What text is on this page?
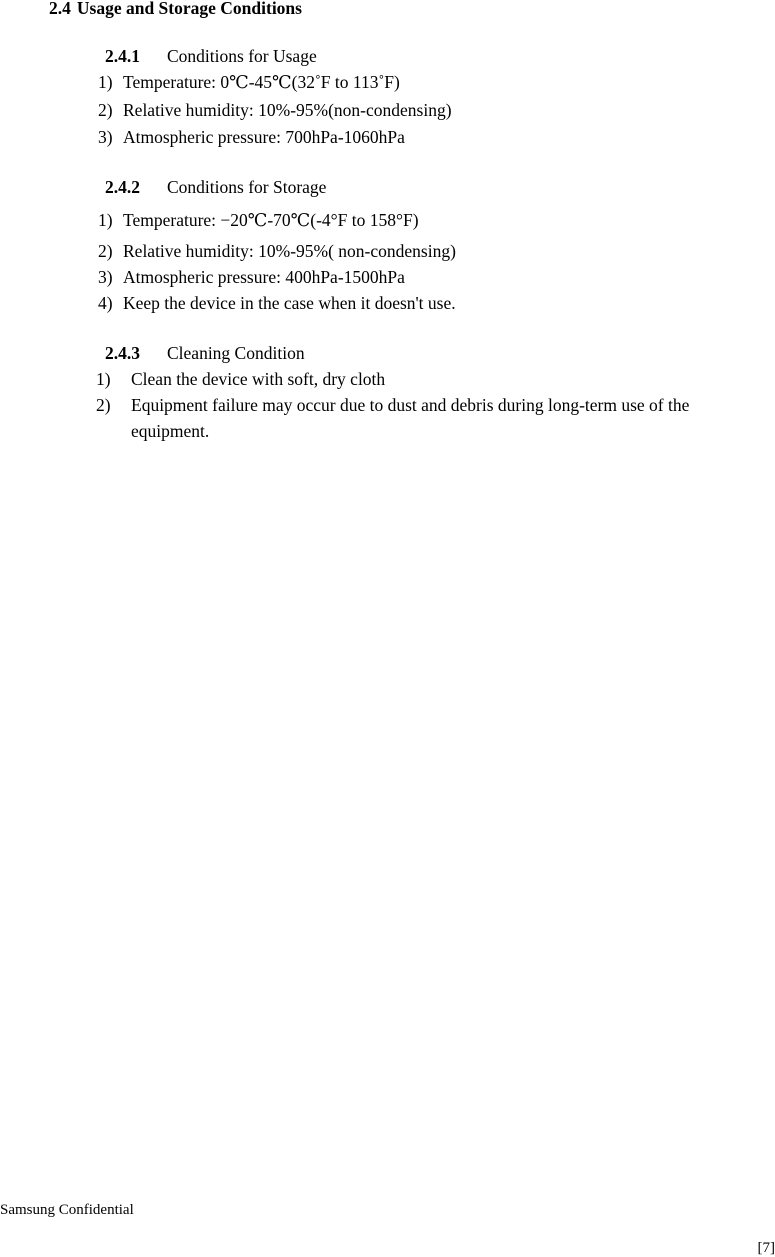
2.4 Usage and Storage Conditions
2.4.1 Conditions for Usage
1) Temperature: 0℃-45℃(32˚F to 113˚F)
2) Relative humidity: 10%-95%(non-condensing)
3) Atmospheric pressure: 700hPa-1060hPa
2.4.2 Conditions for Storage
1) Temperature: −20℃-70℃(-4°F to 158°F)
2) Relative humidity: 10%-95%( non-condensing)
3) Atmospheric pressure: 400hPa-1500hPa
4) Keep the device in the case when it doesn't use.
2.4.3 Cleaning Condition
1) Clean the device with soft, dry cloth
2) Equipment failure may occur due to dust and debris during long-term use of the
equipment.
Samsung Confidential
[7]
